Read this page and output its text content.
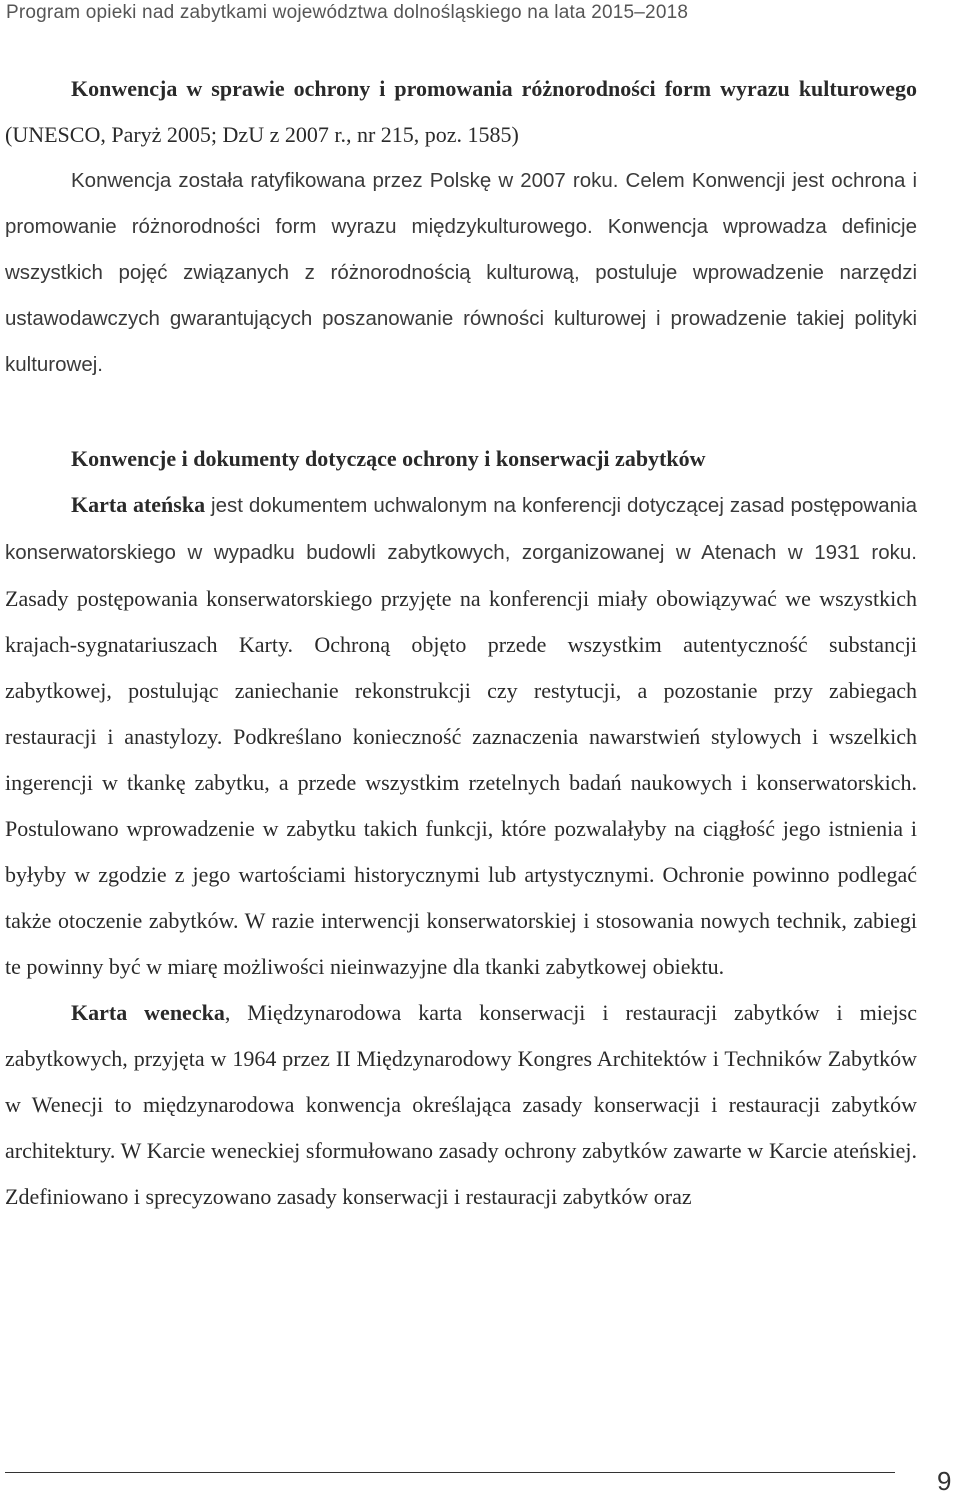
Program opieki nad zabytkami województwa dolnośląskiego na lata 2015–2018

Konwencja w sprawie ochrony i promowania różnorodności form wyrazu kulturowego (UNESCO, Paryż 2005; DzU z 2007 r., nr 215, poz. 1585)

Konwencja została ratyfikowana przez Polskę w 2007 roku. Celem Konwencji jest ochrona i promowanie różnorodności form wyrazu międzykulturowego. Konwencja wprowadza definicje wszystkich pojęć związanych z różnorodnością kulturową, postuluje wprowadzenie narzędzi ustawodawczych gwarantujących poszanowanie równości kulturowej i prowadzenie takiej polityki kulturowej.

Konwencje i dokumenty dotyczące ochrony i konserwacji zabytków

Karta ateńska jest dokumentem uchwalonym na konferencji dotyczącej zasad postępowania konserwatorskiego w wypadku budowli zabytkowych, zorganizowanej w Atenach w 1931 roku. Zasady postępowania konserwatorskiego przyjęte na konferencji miały obowiązywać we wszystkich krajach-sygnatariuszach Karty. Ochroną objęto przede wszystkim autentyczność substancji zabytkowej, postulując zaniechanie rekonstrukcji czy restytucji, a pozostanie przy zabiegach restauracji i anastylozy. Podkreślano konieczność zaznaczenia nawarstwień stylowych i wszelkich ingerencji w tkankę zabytku, a przede wszystkim rzetelnych badań naukowych i konserwatorskich. Postulowano wprowadzenie w zabytku takich funkcji, które pozwalałyby na ciągłość jego istnienia i byłyby w zgodzie z jego wartościami historycznymi lub artystycznymi. Ochronie powinno podlegać także otoczenie zabytków. W razie interwencji konserwatorskiej i stosowania nowych technik, zabiegi te powinny być w miarę możliwości nieinwazyjne dla tkanki zabytkowej obiektu.

Karta wenecka, Międzynarodowa karta konserwacji i restauracji zabytków i miejsc zabytkowych, przyjęta w 1964 przez II Międzynarodowy Kongres Architektów i Techników Zabytków w Wenecji to międzynarodowa konwencja określająca zasady konserwacji i restauracji zabytków architektury. W Karcie weneckiej sformułowano zasady ochrony zabytków zawarte w Karcie ateńskiej. Zdefiniowano i sprecyzowano zasady konserwacji i restauracji zabytków oraz

9
